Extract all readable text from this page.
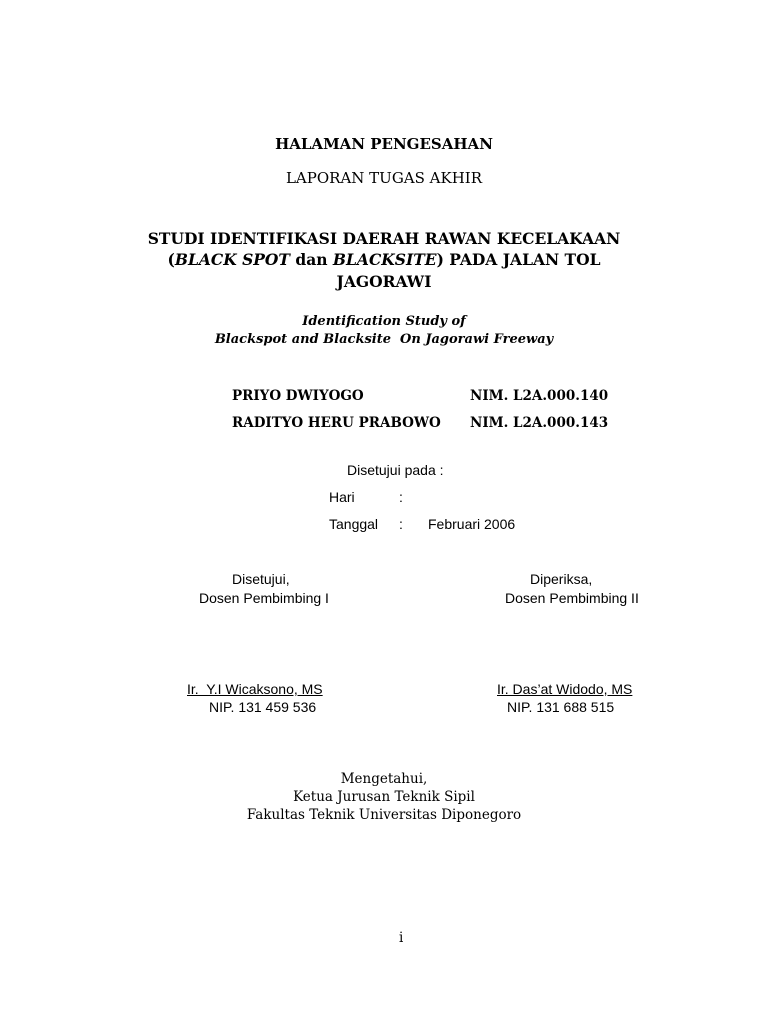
HALAMAN PENGESAHAN
LAPORAN TUGAS AKHIR
STUDI IDENTIFIKASI DAERAH RAWAN KECELAKAAN
(BLACK SPOT dan BLACKSITE) PADA JALAN TOL
JAGORAWI
Identification Study of
Blackspot and Blacksite  On Jagorawi Freeway
PRIYO DWIYOGO	NIM. L2A.000.140
RADITYO HERU PRABOWO NIM. L2A.000.143
Disetujui pada :
Hari	:
Tanggal : Februari 2006
Disetujui,
Dosen Pembimbing I
Ir.  Y.I Wicaksono, MS
NIP. 131 459 536
Diperiksa,
Dosen Pembimbing II
Ir. Das’at Widodo, MS
NIP. 131 688 515
Mengetahui,
Ketua Jurusan Teknik Sipil
Fakultas Teknik Universitas Diponegoro
i
